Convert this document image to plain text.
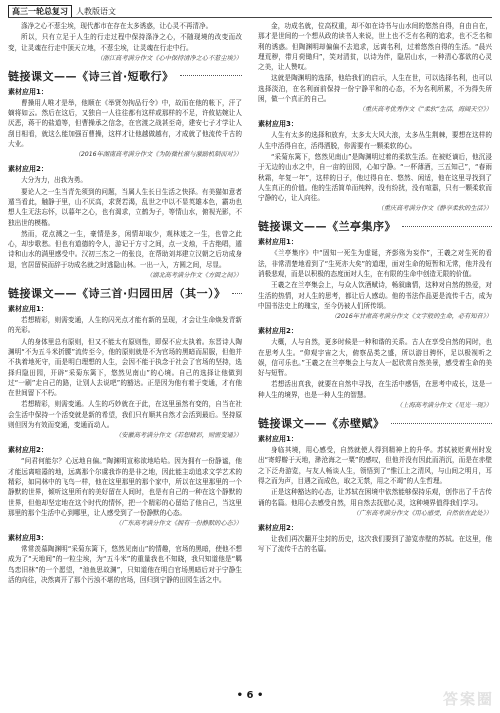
高三一轮总复习	人教版语文

涤净之心不惹尘埃，现代都市在存在太多诱惑，让心灵不再清净。

所以，只有立足于人生的行走过程中保持涤净之心，不随现境的改变而改变，让灵魂在行走中顶天立地，不惹尘埃，让灵魂在行走中行。

（浙江高考满分作文《心中保持清净之心不惹尘埃》）

链接课文——《诗三首·短歌行》
素材应用1：

曹操用人唯才是举，他顺在《举贤勿拘品行令》中，故而在他的帐下，汗了嫡将如云。然后在这后，又独自一人往往都有这样或那样的不足，许攸姑婉让人厌恶，蒋干的盐道等，但曹操承之信念，在官渡之战甚至奇，建安七子才学让人刮目相看，就这么能加强百曹操，这样才让他越做越有，才成就了他流传千古的大业。

（2016年湖南高考满分作文《为防微杜渐与激励机制而对》）

素材应用2：

大分为力，出我为勇。

要论人之一生当青先须到的问题，当属人生长日生活之快择。有美猫如意者遁当看此，触静于里，山不厌高，求贤若渴，乱世之中以不显英雄本色，霸功也想人生无法忘怀，以暮年之心，也有渴求，立鹤为子，等情山水，俯视光影，不独出世的模楷。

然而，花点溅之一生，豪情是多，闲情却取少，观林迹之一生，也曾之此心，却步歌愁。但也有道德的令人，游记于方寸之间，点一支烛，千古绝唱，遁诗和山水的满里感受中。汉初三杰之一的张良，在帮助刘邦建立汉朝之后功成身退，官居留侯而辞于功成名就之时逃隐山林。一出一入，方圆之间，尽显。

（湖北高考满分作文《方圆之间》）

链接课文——《诗三首·归园田居（其一）》
素材应用1：

若想精彩，则需变通，人生的闪光点才能有新的呈现，才会让生命焕发青新的光彩。

人的身体里总有原则，但又不能太有原则性，即保不应太执着。东晋诗人陶渊明“不为五斗米折腰”流传至今，他的原则就是不为官场的黑暗而屈服，但他并不执着地死守，而是明白理想的人生，会因不能于执念于社会了官场的坚持，选择归隐田园，开辟“采菊东篱下，悠然见南山”的心境。自己的选择让他做到过“一刷”走自己的路，让别人去说吧”的豁达。正是因为他有着于变通，才有他在世间留下不朽。

若想精彩，则需变通。人生的巧妙就在于此，在这里虽然有变的，自当在社会生活中保持一个活变就是新的希望，我们只有顺其自然才会活到最后。坚持原则但因为有效而变通，变通而动人。

（安徽高考满分作文《若想精彩，则需变通》）

素材应用2：

“问君何能尔？心远地自偏。”陶渊明宣称欲地哈哈。因为拥有一份静谧，他才能远离喧嚣的地，远离那个尔虞我诈的是非之地，因此能主动追求文学艺术的精彩，如同林中的飞鸟一样，他在这里那里的那个家中，所以在这里那里的一个静默的世界，倾听这里所有的美好留在人间时，也是有自己的一种在这个静默的世界，但他却坚定地在这个时代的情怀，把一个精彩的心留给了他自己，当这里那里的那个生活中心到哪里，让人感受到了一份静默的心态。

（广东高考满分作文《拥有一份静默的心态》）

素材应用3：

常常羡慕陶渊明“采菊东篱下，悠然见南山”的情趣，官场的黑暗，使他不想成为了“天地间”的一粒尘埃，为“五斗米”的重量我也不知晓，我只知道他是“羁鸟恋旧林”的一个愿望，“池鱼思故渊”，只知道他在明白官场黑暗后对于宁静生活的向往，决然离开了那个污浊不堪的官场，回归到宁静的田园生活之中。

金，功成名就，位高权重，却不如在诗书与山水间的悠然自得，自由自在，那才是世间的一个想从政的读书人来说，世上也不乏有名利的追求，也不乏名和利的诱惑。但陶渊明却偏偏不去追求，远离名利，过着悠然自得的生活。“晨兴理荒秽，带月荷锄归”，笑对清贫，以诗为伴，隐居山水，一种清心寡欲的心灵之美，让人赞叹。

这就是陶渊明的选择，他给我们的启示，人生在世，可以选择名利，也可以选择淡泊，在名利面前保持一份宁静平和的心态，不为名利所累，不为得失所困，做一个真正的自己。

（重庆高考优秀作文《“柔软”生活，海阔天空》）

素材应用3：

人生有太多的选择和放弃，太多太大风大浪，太多丛生荆棘，要想在这样的人生中活得自在，活得洒脱，你需要有一颗柔软的心。

“采菊东篱下，悠然见南山”是陶渊明过着的柔软生活。在被贬谪后，他沉浸于无边的山水之中，自一亩的田园，心如宁静。“一杯薄酒，三五知己”，“春雨秋霜，年复一年”，这样的日子，他过得自在、悠然、闲适，他在这里寻找到了人生真正的价值。他的生活简单而纯粹，没有纷扰，没有喧嚣，只有一颗柔软而宁静的心，让人向往。

（重庆高考满分作文《静享柔软的生活》）

链接课文——《兰亭集序》
素材应用1：

《兰亭集序》中“固知一死生为虚诞，齐彭殇为妄作”，王羲之对生死的看法，非常清楚地看到了“生死亦大矣”的道理，面对生命的短暂和无常，他并没有消极悲观，而是以积极的态度面对人生，在有限的生命中创造无限的价值。

王羲之在兰亭集会上，与众人饮酒赋诗，畅叙幽情，这种对自然的热爱，对生活的热情，对人生的思考，都让后人感动。他的书法作品更是流传千古，成为中国书法史上的瑰宝，至今仍被人们所传颂。

（2016年甘肃高考满分作文《文字般的生命，必有知音》）

素材应用2：

大概，人与自然，更多时候是一种和谐的关系。古人在享受自然的同时，也在思考人生。“仰观宇宙之大，俯察品类之盛，所以游目骋怀，足以极视听之娱，信可乐也。”王羲之在兰亭集会上与友人一起欣赏自然美景，感受着生命的美好与短暂。

若想活出真我，就要在自然中寻找，在生活中感悟，在思考中成长，这是一种人生的境界，也是一种人生的智慧。

（上海高考满分作文《见光一现》）

链接课文——《赤壁赋》
素材应用1：

身临其境，用心感受，自然就使人得到精神上的升华。苏轼被贬黄州时发出“寄蜉蝣于天地，渺沧海之一粟”的感叹，但他并没有因此而消沉，而是在赤壁之下泛舟游览，与友人畅谈人生，领悟到了“惟江上之清风，与山间之明月，耳得之而为声，目遇之而成色，取之无禁，用之不竭”的人生哲理。

正是这种豁达的心态，让苏轼在困境中依然能够保持乐观，创作出了千古传诵的名篇。他用心去感受自然，用自然去抚慰心灵，这种境界值得我们学习。

（广东高考满分作文《用心感受，自然依在此处》）

素材应用2：

让我们再次翻开尘封的历史，这次我们要到了游览赤壁的苏轼。在这里，他写下了流传千古的名篇。

• 6 •	答案圈
